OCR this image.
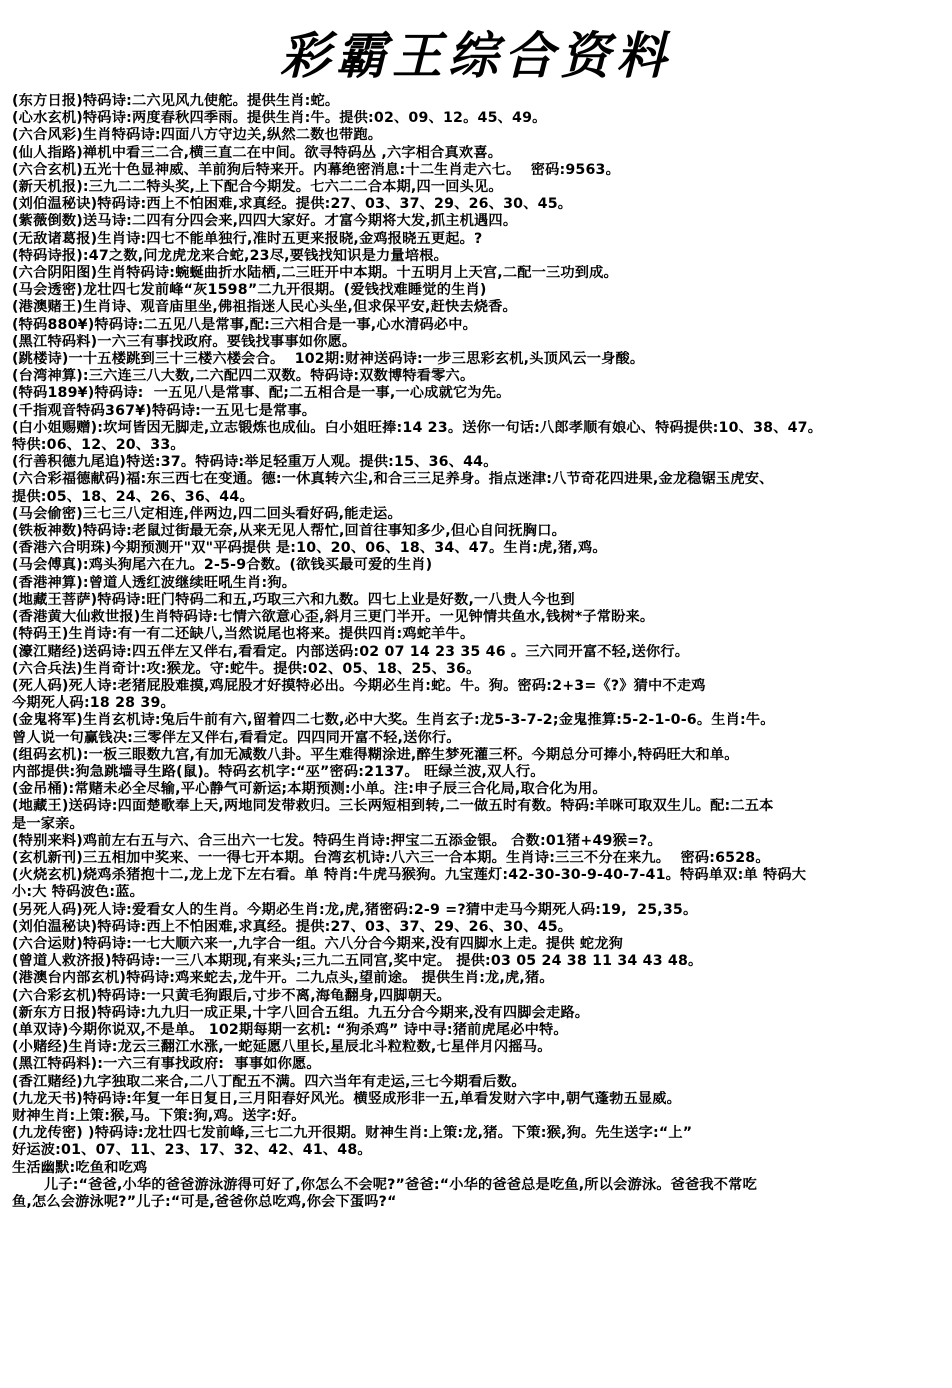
彩霸王综合资料
(东方日报)特码诗:二六见风九使舵。提供生肖:蛇。
(心水玄机)特码诗:两度春秋四季雨。提供生肖:牛。提供:02、09、12。45、49。
(六合风彩)生肖特码诗:四面八方守边关,纵然二数也带跑。
(仙人指路)禅机中看三二合,横三直二在中间。欲寻特码丛 ,六字相合真欢喜。
(六合玄机)五光十色显神威、羊前狗后特来开。内幕绝密消息:十二生肖走六七。  密码:9563。
(新天机报):三九二二特头奖,上下配合今期发。七六二二合本期,四一回头见。
(刘伯温秘诀)特码诗:西上不怕困难,求真经。提供:27、03、37、29、26、30、45。
(紫薇倒数)送马诗:二四有分四会来,四四大家好。才富今期将大发,抓主机遇四。
(无敌诸葛报)生肖诗:四七不能单独行,准时五更来报晓,金鸡报晓五更起。?
(特码诗报):47之数,问龙虎龙来合蛇,23尽,要钱找知识是力量培根。
(六合阴阳图)生肖特码诗:蜿蜒曲折水陆栖,二三旺开中本期。十五明月上天宫,二配一三功到成。
(马会透密)龙壮四七发前峰“灰1598”二九开很期。(爱钱找难睡觉的生肖)
(港澳赌王)生肖诗、观音庙里坐,佛祖指迷人民心头坐,但求保平安,赶快去烧香。
(特码880¥)特码诗:二五见八是常事,配:三六相合是一事,心水清码必中。
(黑江特码料)一六三有事找政府。要钱找事事如你愿。
(跳楼诗)一十五楼跳到三十三楼六楼会合。  102期:财神送码诗:一步三思彩玄机,头顶风云一身酸。
(台湾神算):三六连三八大数,二六配四二双数。特码诗:双数博特看零六。
(特码189¥)特码诗:  一五见八是常事、配;二五相合是一事,一心成就它为先。
(千指观音特码367¥)特码诗:一五见七是常事。
(白小姐赐赠):坎坷皆因无脚走,立志锻炼也成仙。白小姐旺捧:14 23。送你一句话:八郎孝顺有娘心、特码提供:10、38、47。
特供:06、12、20、33。
(行善积德九尾追)特送:37。特码诗:举足轻重万人观。提供:15、36、44。
(六合彩福德献码)福:东三西七在变通。德:一休真转六尘,和合三三足养身。指点迷津:八节奇花四进果,金龙稳锯玉虎安、
提供:05、18、24、26、36、44。
(马会偷密)三七三八定相连,伴两边,四二回头看好码,能走运。
(铁板神数)特码诗:老鼠过街最无奈,从来无见人帮忙,回首往事知多少,但心自问抚胸口。
(香港六合明珠)今期预测开"双"平码提供 是:10、20、06、18、34、47。生肖:虎,猪,鸡。
(马会傅真):鸡头狗尾六在九。2-5-9合数。(欲钱买最可爱的生肖)
(香港神算):曾道人透红波继续旺吼生肖:狗。
(地藏王菩萨)特码诗:旺门特码二和五,巧取三六和九数。四七上业是好数,一八贵人今也到
(香港黄大仙救世报)生肖特码诗:七情六欲意心歪,斜月三更门半开。一见钟情共鱼水,钱树*子常盼来。
(特码王)生肖诗:有一有二还缺八,当然说尾也将来。提供四肖:鸡蛇羊牛。
(濠江赌经)送码诗:四五伴左又伴右,看看定。内部送码:02 07 14 23 35 46 。三六同开富不轻,送你行。
(六合兵法)生肖奇计:攻:猴龙。守:蛇牛。提供:02、05、18、25、36。
(死人码)死人诗:老猪屁股难摸,鸡屁股才好摸特必出。今期必生肖:蛇。牛。狗。密码:2+3=《?》猜中不走鸡
今期死人码:18 28 39。
(金鬼将军)生肖玄机诗:兔后牛前有六,留着四二七数,必中大奖。生肖玄子:龙5-3-7-2;金鬼推算:5-2-1-0-6。生肖:牛。
曾人说一句赢钱决:三零伴左又伴右,看看定。四四同开富不轻,送你行。
(组码玄机):一板三眼数九宫,有加无减数八卦。平生难得糊涂进,醉生梦死灌三杯。今期总分可捧小,特码旺大和单。
内部提供:狗急跳墙寻生路(鼠)。特码玄机字:“巫”密码:2137。 旺绿兰波,双人行。
(金吊桶):常赌未必全尽输,平心静气可新运;本期预测:小单。注:申子辰三合化局,取合化为用。
(地藏王)送码诗:四面楚歌奉上天,两地同发带救归。三长两短相到转,二一做五时有数。特码:羊咪可取双生儿。配:二五本
是一家亲。
(特别来料)鸡前左右五与六、合三出六一七发。特码生肖诗:押宝二五添金银。 合数:01猪+49猴=?。
(玄机新刊)三五相加中奖来、一一得七开本期。台湾玄机诗:八六三一合本期。生肖诗:三三不分在来九。  密码:6528。
(火烧玄机)烧鸡杀猪抱十二,龙上龙下左右看。单 特肖:牛虎马猴狗。九宝莲灯:42-30-30-9-40-7-41。特码单双:单 特码大
小:大 特码波色:蓝。
(另死人码)死人诗:爱看女人的生肖。今期必生肖:龙,虎,猪密码:2-9 =?猜中走马今期死人码:19,  25,35。
(刘伯温秘诀)特码诗:西上不怕困难,求真经。提供:27、03、37、29、26、30、45。
(六合运财)特码诗:一七大顺六来一,九字合一组。六八分合今期来,没有四脚水上走。提供 蛇龙狗
(曾道人救济报)特码诗:一三八本期现,有来头;三九二五同宫,奖中定。 提供:03 05 24 38 11 34 43 48。
(港澳台内部玄机)特码诗:鸡来蛇去,龙牛开。二九点头,望前途。 提供生肖:龙,虎,猪。
(六合彩玄机)特码诗:一只黄毛狗跟后,寸步不离,海龟翻身,四脚朝天。
(新东方日报)特码诗:九九归一成正果,十字八回合五组。九五分合今期来,没有四脚会走路。
(单双诗)今期你说双,不是单。 102期每期一玄机: “狗杀鸡” 诗中寻:猪前虎尾必中特。
(小赌经)生肖诗:龙云三翻江水涨,一蛇延愿八里长,星辰北斗粒粒数,七星伴月闪摇马。
(黑江特码料):一六三有事找政府:  事事如你愿。
(香江赌经)九字独取二来合,二八丁配五不满。四六当年有走运,三七今期看后数。
(九龙天书)特码诗:年复一年日复日,三月阳春好风光。横竖成形非一五,单看发财六字中,朝气蓬勃五显威。
财神生肖:上策:猴,马。下策:狗,鸡。送字:好。
(九龙传密) )特码诗:龙壮四七发前峰,三七二九开很期。财神生肖:上策:龙,猪。下策:猴,狗。先生送字:“上”
好运波:01、07、11、23、17、32、42、41、48。
生活幽默:吃鱼和吃鸡
儿子:“爸爸,小华的爸爸游泳游得可好了,你怎么不会呢?”爸爸:“小华的爸爸总是吃鱼,所以会游泳。爸爸我不常吃
鱼,怎么会游泳呢?”儿子:“可是,爸爸你总吃鸡,你会下蛋吗?“
